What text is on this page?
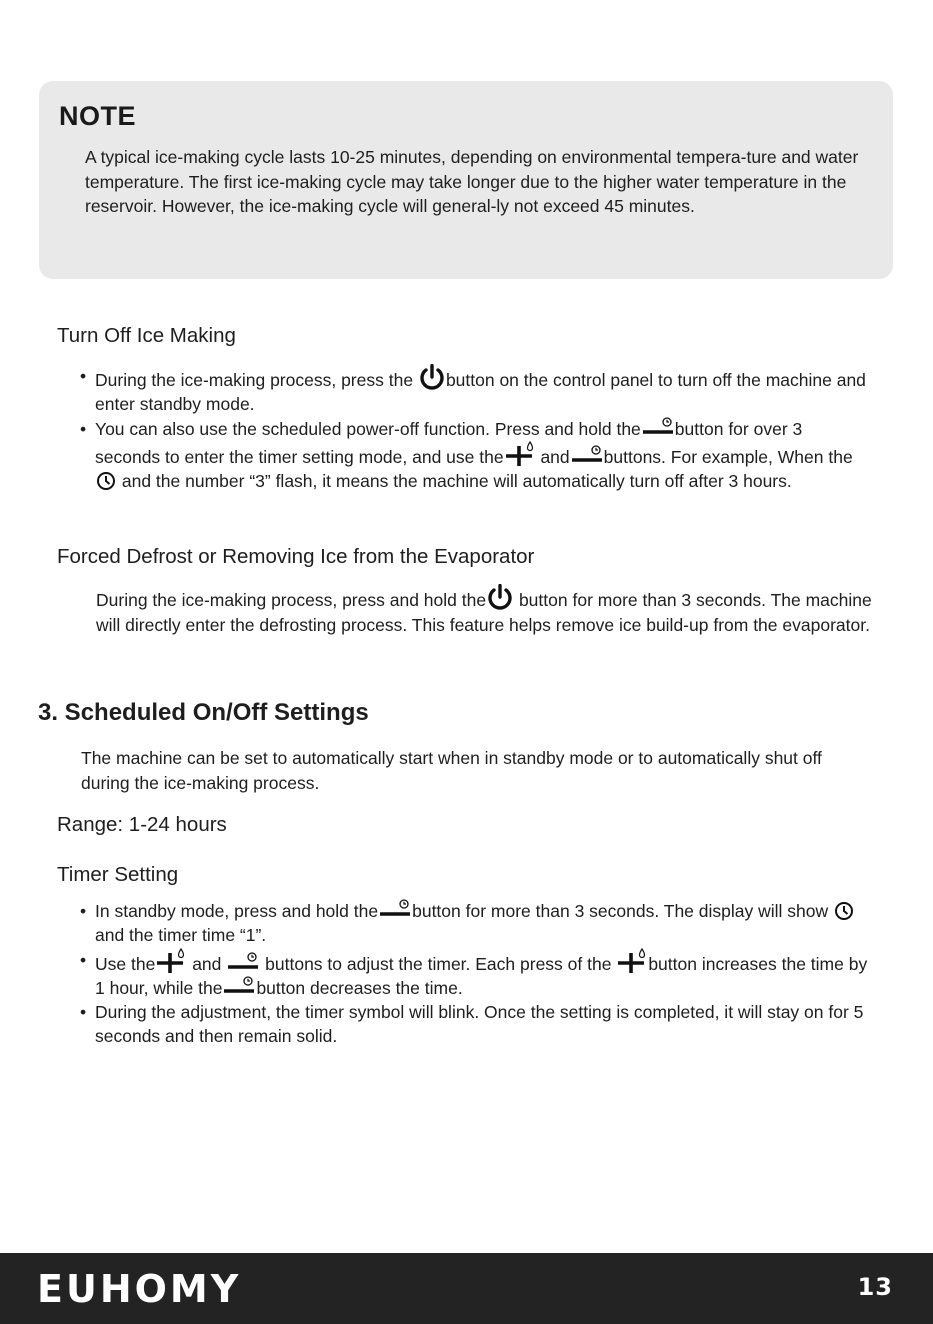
NOTE

A typical ice-making cycle lasts 10-25 minutes, depending on environmental tempera-ture and water temperature. The first ice-making cycle may take longer due to the higher water temperature in the reservoir. However, the ice-making cycle will general-ly not exceed 45 minutes.

Turn Off Ice Making
• During the ice-making process, press the button on the control panel to turn off the machine and enter standby mode.
• You can also use the scheduled power-off function. Press and hold the button for over 3 seconds to enter the timer setting mode, and use the and buttons. For example, When the
and the number “3” flash, it means the machine will automatically turn off after 3 hours.
Forced Defrost or Removing Ice from the Evaporator

During the ice-making process, press and hold the button for more than 3 seconds. The machine will directly enter the defrosting process. This feature helps remove ice build-up from the evaporator.

3. Scheduled On/Off Settings

The machine can be set to automatically start when in standby mode or to automatically shut off during the ice-making process.

Range: 1-24 hours
Timer Setting
• In standby mode, press and hold the button for more than 3 seconds. The display will show
and the timer time “1”.
• Use the and	buttons to adjust the timer. Each press of the button increases the time by 1 hour, while the button decreases the time.
• During the adjustment, the timer symbol will blink. Once the setting is completed, it will stay on for 5 seconds and then remain solid.
EUHOMY	13
